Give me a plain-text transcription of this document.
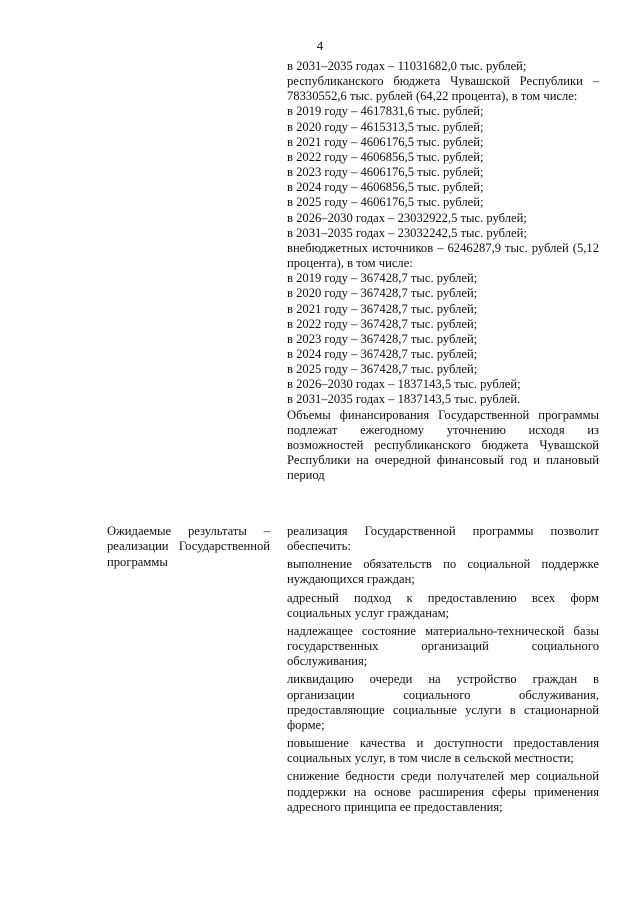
4

в 2031–2035 годах – 11031682,0 тыс. рублей;

республиканского бюджета Чувашской Республики – 78330552,6 тыс. рублей (64,22 процента), в том числе:

в 2019 году – 4617831,6 тыс. рублей;

в 2020 году – 4615313,5 тыс. рублей;

в 2021 году – 4606176,5 тыс. рублей;

в 2022 году – 4606856,5 тыс. рублей;

в 2023 году – 4606176,5 тыс. рублей;

в 2024 году – 4606856,5 тыс. рублей;

в 2025 году – 4606176,5 тыс. рублей;

в 2026–2030 годах – 23032922,5 тыс. рублей;

в 2031–2035 годах – 23032242,5 тыс. рублей;

внебюджетных источников – 6246287,9 тыс. рублей (5,12 процента), в том числе:

в 2019 году – 367428,7 тыс. рублей;

в 2020 году – 367428,7 тыс. рублей;

в 2021 году – 367428,7 тыс. рублей;

в 2022 году – 367428,7 тыс. рублей;

в 2023 году – 367428,7 тыс. рублей;

в 2024 году – 367428,7 тыс. рублей;

в 2025 году – 367428,7 тыс. рублей;

в 2026–2030 годах – 1837143,5 тыс. рублей;

в 2031–2035 годах – 1837143,5 тыс. рублей.

Объемы финансирования Государственной программы подлежат ежегодному уточнению исходя из возможностей республиканского бюджета Чувашской Республики на очередной финансовый год и плановый период

Ожидаемые результаты – реализации Государственной программы

реализация Государственной программы позволит обеспечить:

выполнение обязательств по социальной поддержке нуждающихся граждан;

адресный подход к предоставлению всех форм социальных услуг гражданам;

надлежащее состояние материально-технической базы государственных организаций социального обслуживания;

ликвидацию очереди на устройство граждан в организации социального обслуживания, предоставляющие социальные услуги в стационарной форме;

повышение качества и доступности предоставления социальных услуг, в том числе в сельской местности;

снижение бедности среди получателей мер социальной поддержки на основе расширения сферы применения адресного принципа ее предоставления;
